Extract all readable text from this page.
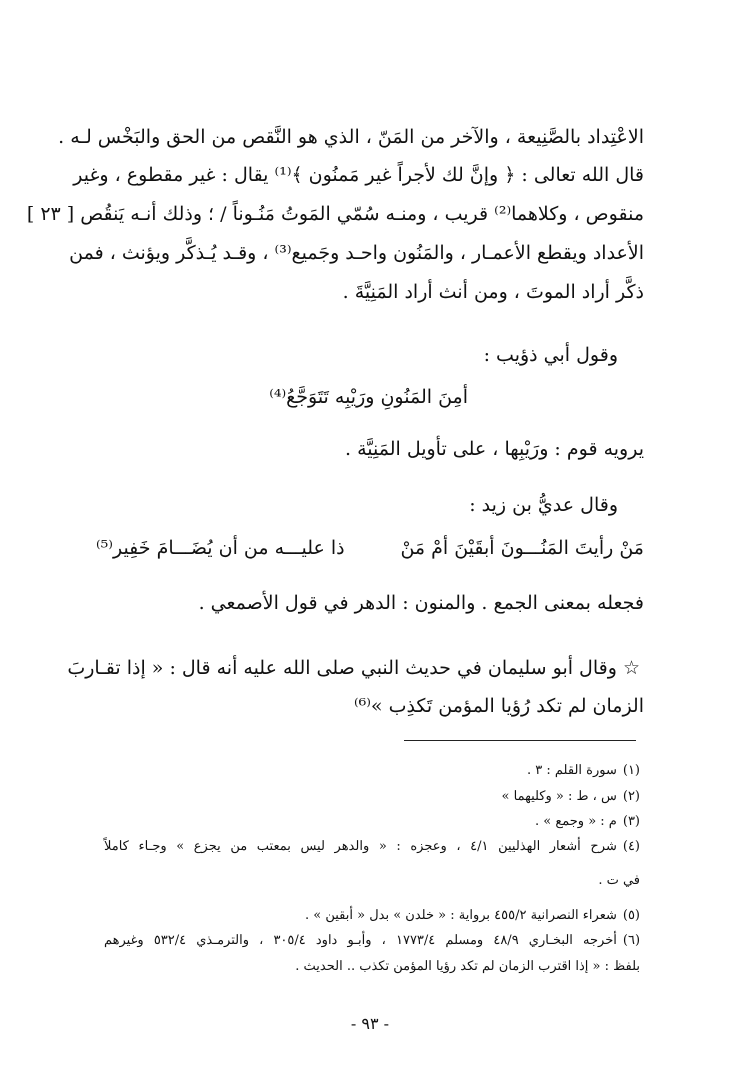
الاعْتِداد بالصَّنِيعة ، والآخر من المَنّ ، الذي هو النَّقص من الحق والبَخْس لـه .
قال الله تعالى : ﴿ وإنَّ لك لأجراً غير مَمنُون ﴾⁽¹⁾ يقال : غير مقطوع ، وغير
منقوص ، وكلاهما⁽²⁾ قريب ، ومنـه سُمّي المَوتُ مَنُـوناً / ؛ وذلك أنـه يَنقُص [ ٢٣ ]
الأعداد ويقطع الأعمـار ، والمَنُون واحـد وجَميع⁽³⁾ ، وقـد يُـذكَّر ويؤنث ، فمن
ذكَّر أراد الموتَ ، ومن أنث أراد المَنِيَّةَ .
وقول أبي ذؤيب :
أمِنَ المَنُونِ ورَيْبِه تَتَوَجَّعُ⁽⁴⁾
يرويه قوم : ورَيْبِها ، على تأويل المَنِيَّة .
وقال عديُّ بن زيد :
مَنْ رأيتَ المَنُـــونَ أبقَيْنَ أمْ مَنْ
ذا عليـــه من أن يُضَـــامَ خَفِير⁽⁵⁾
فجعله بمعنى الجمع . والمنون : الدهر في قول الأصمعي .
☆ وقال أبو سليمان في حديث النبي صلى الله عليه أنه قال : « إذا تقـاربَ
الزمان لم تكد رُؤيا المؤمن تَكذِب »⁽⁶⁾
(١)سورة القلم : ٣ .
(٢)س ، ط : « وكليهما »
(٣)م : « وجمع » .
(٤)شرح أشعار الهذليين ٤/١ ، وعجزه : « والدهر ليس بمعتب من يجزع » وجـاء كاملاً
في ت .
(٥)شعراء النصرانية ٤٥٥/٢ برواية : « خلدن » بدل « أبقين » .
(٦)أخرجه البخـاري ٤٨/٩ ومسلم ١٧٧٣/٤ ، وأبـو داود ٣٠٥/٤ ، والترمـذي ٥٣٢/٤ وغيرهم
بلفظ : « إذا اقترب الزمان لم تكد رؤيا المؤمن تكذب .. الحديث .
- ٩٣ -
